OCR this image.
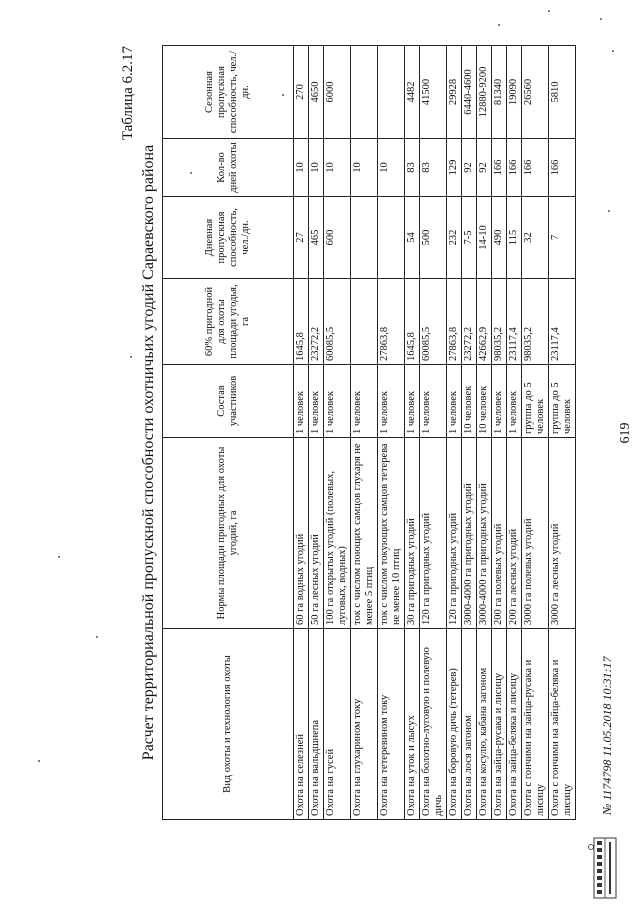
619
Таблица 6.2.17
Расчет территориальной пропускной способности охотничьих угодий Сараевского района	Вид охоты и технология охоты	Нормы площади пригодных для охоты угодий, га	Состав участников	60% пригодной для охоты площади угодья, га	Дневная пропускная способность, чел./дн.	Кол-во дней охоты	Сезонная пропускная способность, чел./дн.
Охота на селезней	60 га водных угодий	1 человек	1645,8	27	10	270
Охота на вальдшнепа	50 га лесных угодий	1 человек	23272,2	465	10	4650
Охота на гусей	100 га открытых угодий (полевых, луговых, водных)	1 человек	60085,5	600	10	6000
Охота на глухарином току	ток с числом поющих самцов глухаря не менее 5 птиц	1 человек			10	
Охота на тетеревином току	ток с числом токующих самцов тетерева не менее 10 птиц	1 человек	27863,8		10	
Охота на уток и лысух	30 га пригодных угодий	1 человек	1645,8	54	83	4482
Охота на болотно-луговую и полевую дичь	120 га пригодных угодий	1 человек	60085,5	500	83	41500
Охота на боровую дичь (тетерев)	120 га пригодных угодий	1 человек	27863,8	232	129	29928
Охота на лося загоном	3000-4000 га пригодных угодий	10 человек	23272,2	7-5	92	6440-4600
Охота на косулю, кабана загоном	3000-4000 га пригодных угодий	10 человек	42662,9	14-10	92	12880-9200
Охота на зайца-русака и лисицу	200 га полевых угодий	1 человек	98035,2	490	166	81340
Охота на зайца-беляка и лисицу	200 га лесных угодий	1 человек	23117,4	115	166	19090
Охота с гончими на зайца-русака и лисицу	3000 га полевых угодий	группа до 5 человек	98035,2	32	166	26560
Охота с гончими на зайца-беляка и лисицу	3000 га лесных угодий	группа до 5 человек	23117,4	7	166	5810
№ 1174798 11.05.2018 10:31:17
